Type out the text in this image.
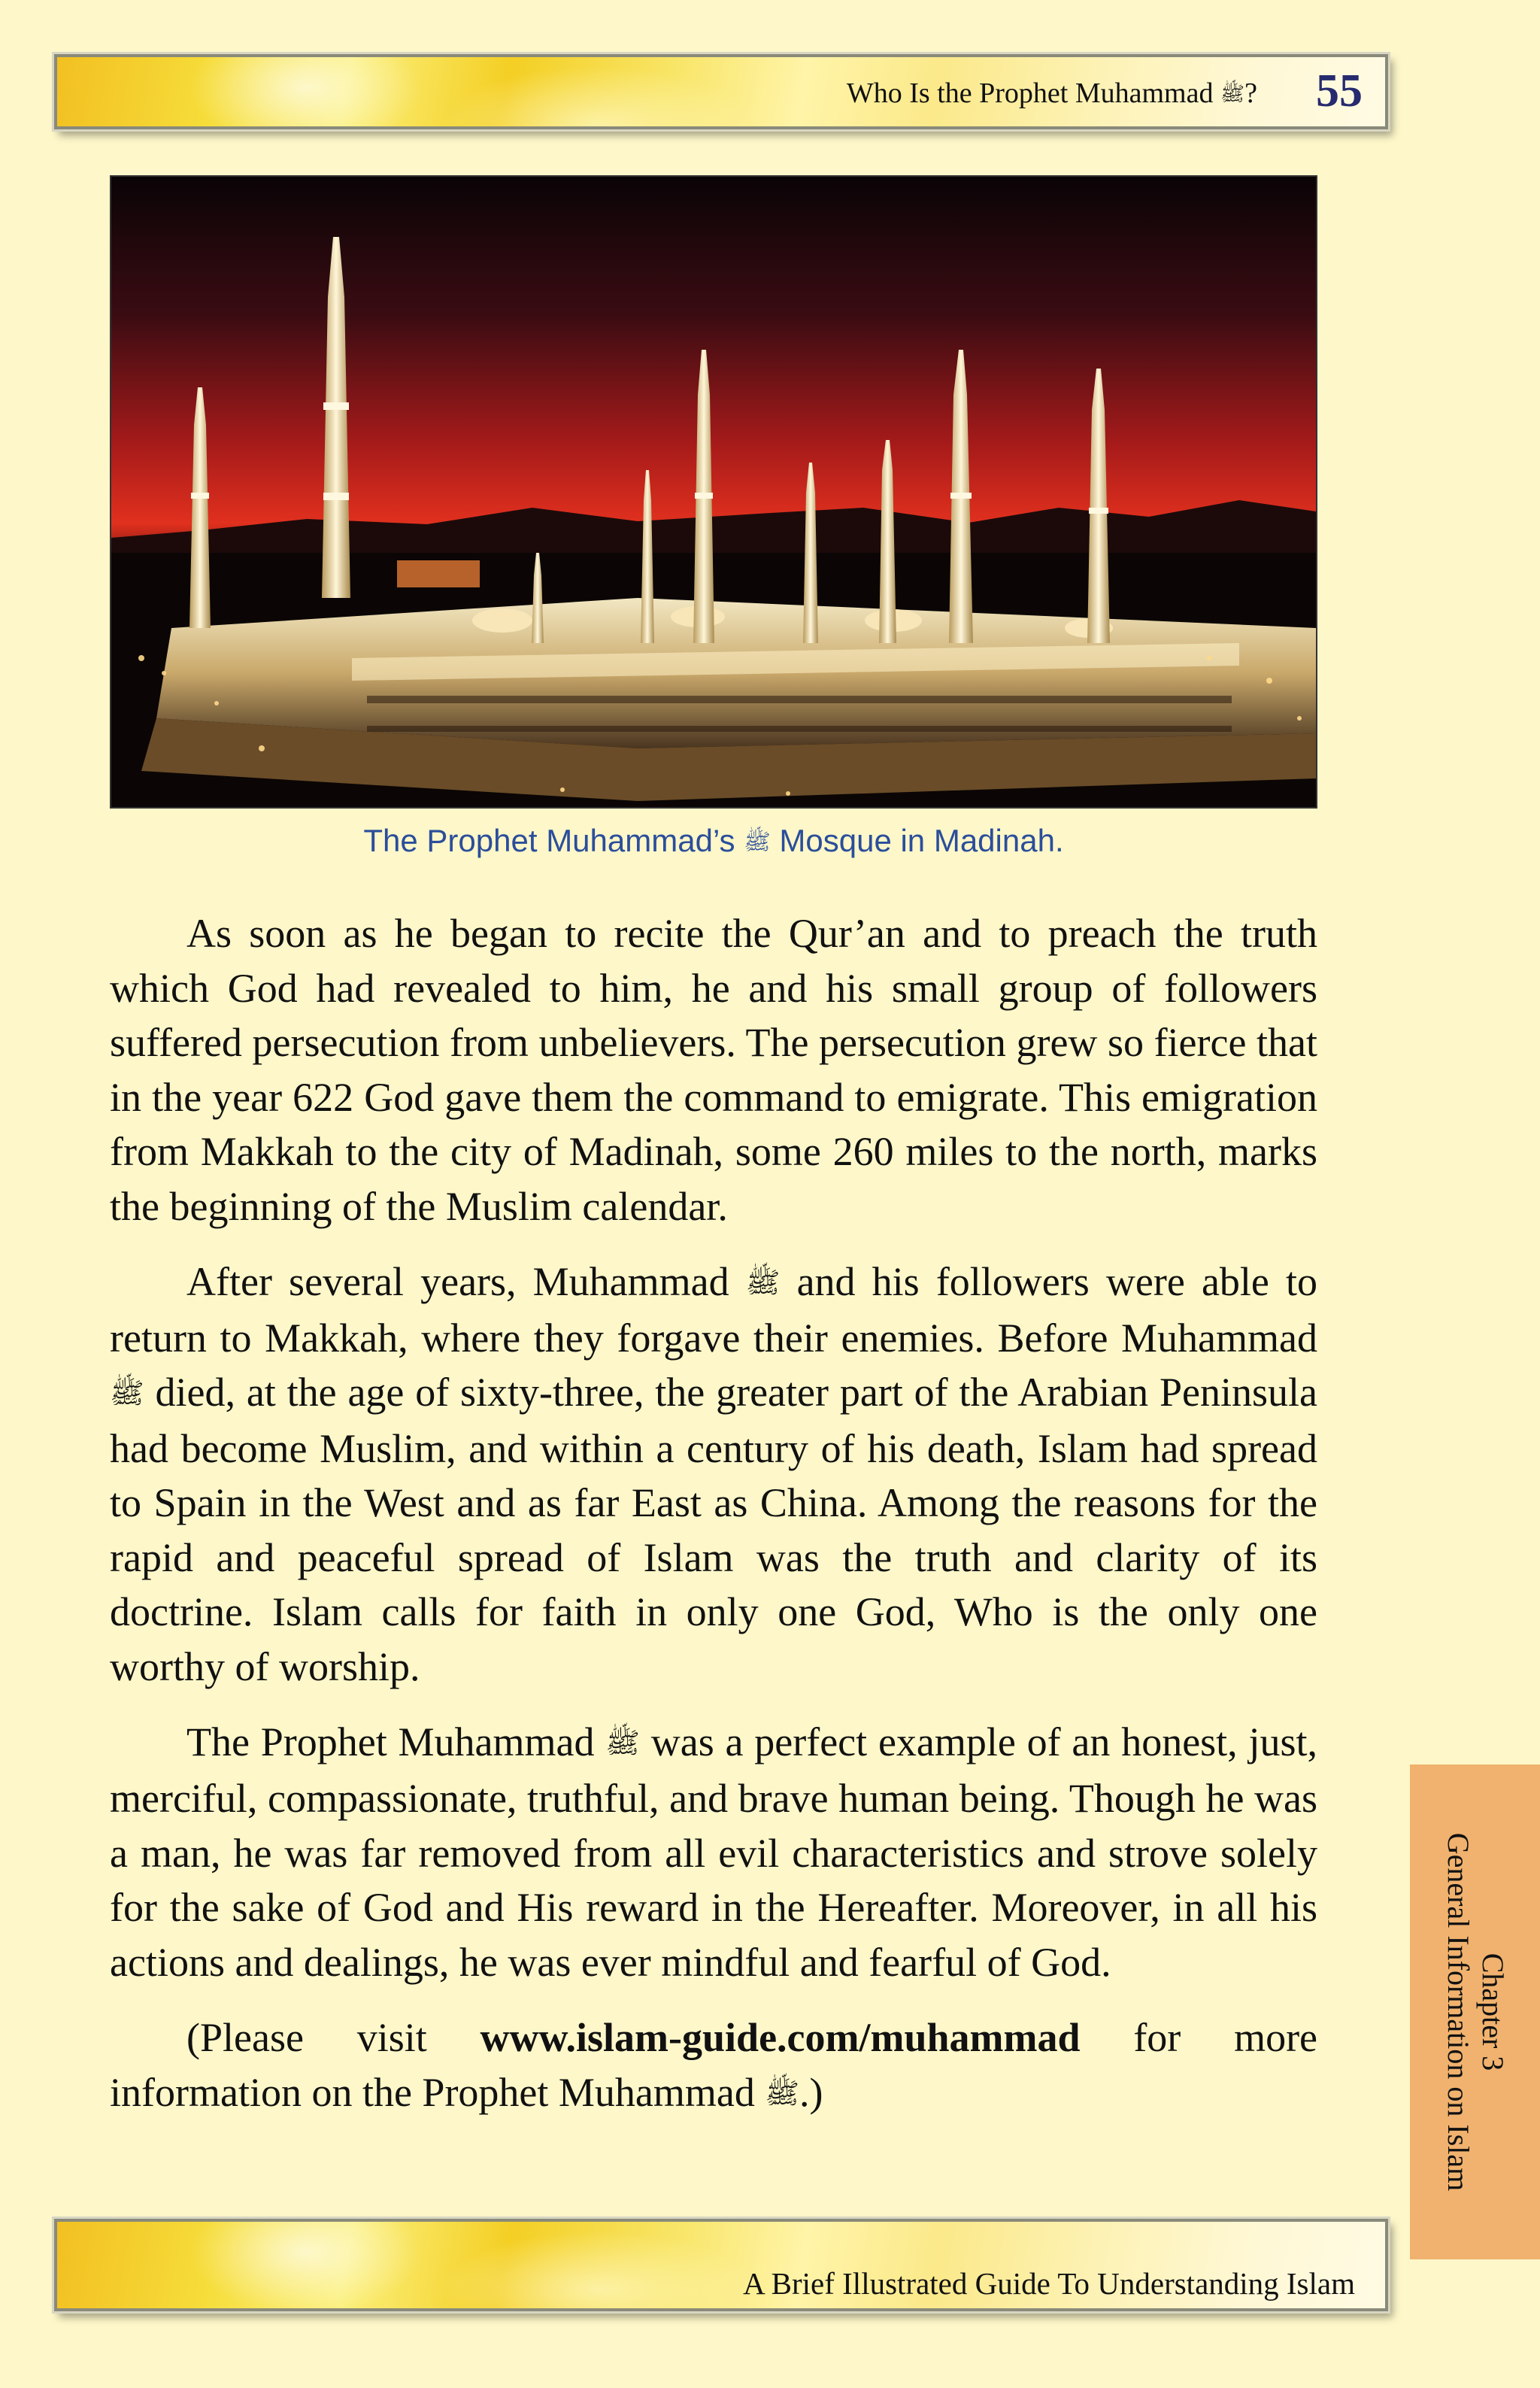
Who Is the Prophet Muhammad ﷺ? 55
The Prophet Muhammad’s ﷺ Mosque in Madinah.

As soon as he began to recite the Qur’an and to preach the truth which God had revealed to him, he and his small group of followers suffered persecution from unbelievers. The persecution grew so fierce that in the year 622 God gave them the command to emigrate. This emigration from Makkah to the city of Madinah, some 260 miles to the north, marks the beginning of the Muslim calendar.

After several years, Muhammad ﷺ and his followers were able to return to Makkah, where they forgave their enemies. Before Muhammad ﷺ died, at the age of sixty-three, the greater part of the Arabian Peninsula had become Muslim, and within a century of his death, Islam had spread to Spain in the West and as far East as China. Among the reasons for the rapid and peaceful spread of Islam was the truth and clarity of its doctrine. Islam calls for faith in only one God, Who is the only one worthy of worship.

The Prophet Muhammad ﷺ was a perfect example of an honest, just, merciful, compassionate, truthful, and brave human being. Though he was a man, he was far removed from all evil characteristics and strove solely for the sake of God and His reward in the Hereafter. Moreover, in all his actions and dealings, he was ever mindful and fearful of God.

(Please visit www.islam-guide.com/muhammad for more information on the Prophet Muhammad ﷺ.)

Chapter 3
General Information on Islam
A Brief Illustrated Guide To Understanding Islam
